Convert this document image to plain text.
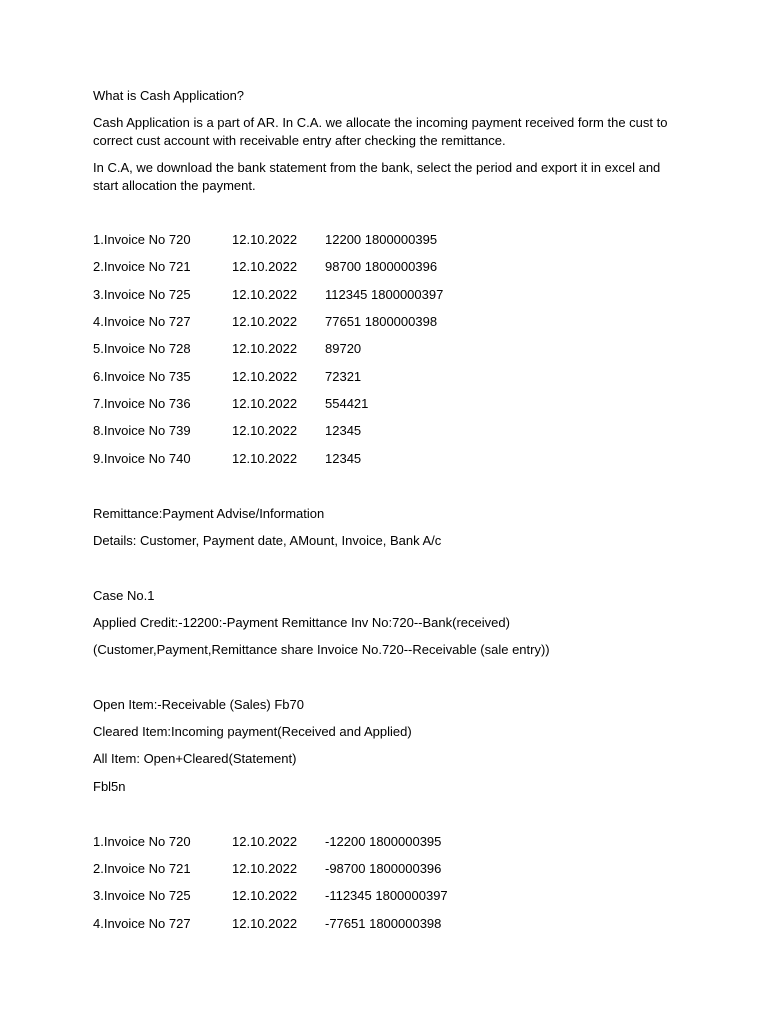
What is Cash Application?
Cash Application is a part of AR. In C.A. we allocate the incoming payment received form the cust to correct cust account with receivable entry after checking the remittance.
In C.A, we download the bank statement from the bank, select the period and export it in excel and start allocation the payment.
1.Invoice No 720	12.10.2022 12200 1800000395
2.Invoice No 721	12.10.2022 98700 1800000396
3.Invoice No 725	12.10.2022 112345 1800000397
4.Invoice No 727	12.10.2022 77651 1800000398
5.Invoice No 728	12.10.2022 89720
6.Invoice No 735	12.10.2022 72321
7.Invoice No 736	12.10.2022 554421
8.Invoice No 739	12.10.2022 12345
9.Invoice No 740	12.10.2022 12345
Remittance:Payment Advise/Information
Details: Customer, Payment date, AMount, Invoice, Bank A/c
Case No.1
Applied Credit:-12200:-Payment Remittance Inv No:720--Bank(received)
(Customer,Payment,Remittance share Invoice No.720--Receivable (sale entry))
Open Item:-Receivable (Sales) Fb70
Cleared Item:Incoming payment(Received and Applied)
All Item: Open+Cleared(Statement)
Fbl5n
1.Invoice No 720	12.10.2022 -12200 1800000395
2.Invoice No 721	12.10.2022 -98700 1800000396
3.Invoice No 725	12.10.2022 -112345 1800000397
4.Invoice No 727	12.10.2022 -77651 1800000398
